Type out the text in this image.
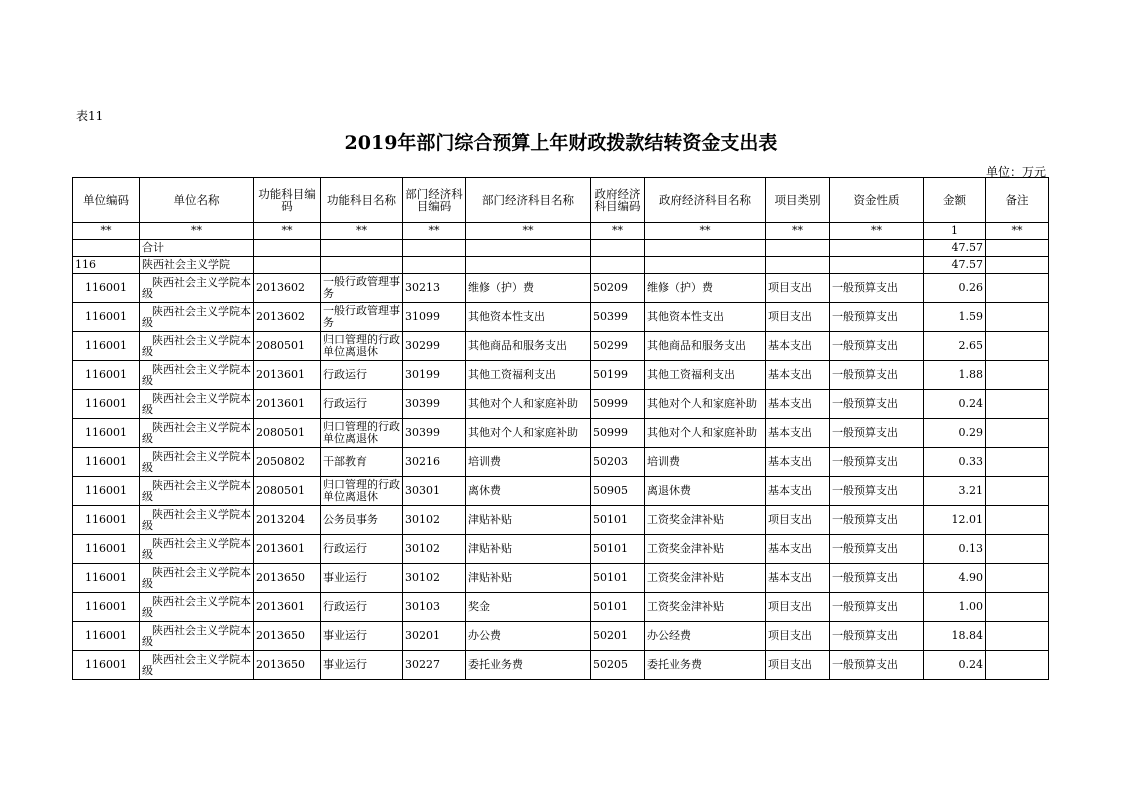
表11
2019年部门综合预算上年财政拨款结转资金支出表
单位：万元
单位编码	单位名称	功能科目编码	功能科目名称	部门经济科目编码	部门经济科目名称	政府经济科目编码	政府经济科目名称	项目类别	资金性质	金额	备注
**	**	**	**	**	**	**	**	**	**	1	**
	合计									47.57	
116	陕西社会主义学院									47.57	
116001	陕西社会主义学院本级	2013602	一般行政管理事务	30213	维修（护）费	50209	维修（护）费	项目支出	一般预算支出	0.26	
116001	陕西社会主义学院本级	2013602	一般行政管理事务	31099	其他资本性支出	50399	其他资本性支出	项目支出	一般预算支出	1.59	
116001	陕西社会主义学院本级	2080501	归口管理的行政单位离退休	30299	其他商品和服务支出	50299	其他商品和服务支出	基本支出	一般预算支出	2.65	
116001	陕西社会主义学院本级	2013601	行政运行	30199	其他工资福利支出	50199	其他工资福利支出	基本支出	一般预算支出	1.88	
116001	陕西社会主义学院本级	2013601	行政运行	30399	其他对个人和家庭补助	50999	其他对个人和家庭补助	基本支出	一般预算支出	0.24	
116001	陕西社会主义学院本级	2080501	归口管理的行政单位离退休	30399	其他对个人和家庭补助	50999	其他对个人和家庭补助	基本支出	一般预算支出	0.29	
116001	陕西社会主义学院本级	2050802	干部教育	30216	培训费	50203	培训费	基本支出	一般预算支出	0.33	
116001	陕西社会主义学院本级	2080501	归口管理的行政单位离退休	30301	离休费	50905	离退休费	基本支出	一般预算支出	3.21	
116001	陕西社会主义学院本级	2013204	公务员事务	30102	津贴补贴	50101	工资奖金津补贴	项目支出	一般预算支出	12.01	
116001	陕西社会主义学院本级	2013601	行政运行	30102	津贴补贴	50101	工资奖金津补贴	基本支出	一般预算支出	0.13	
116001	陕西社会主义学院本级	2013650	事业运行	30102	津贴补贴	50101	工资奖金津补贴	基本支出	一般预算支出	4.90	
116001	陕西社会主义学院本级	2013601	行政运行	30103	奖金	50101	工资奖金津补贴	项目支出	一般预算支出	1.00	
116001	陕西社会主义学院本级	2013650	事业运行	30201	办公费	50201	办公经费	项目支出	一般预算支出	18.84	
116001	陕西社会主义学院本级	2013650	事业运行	30227	委托业务费	50205	委托业务费	项目支出	一般预算支出	0.24	
